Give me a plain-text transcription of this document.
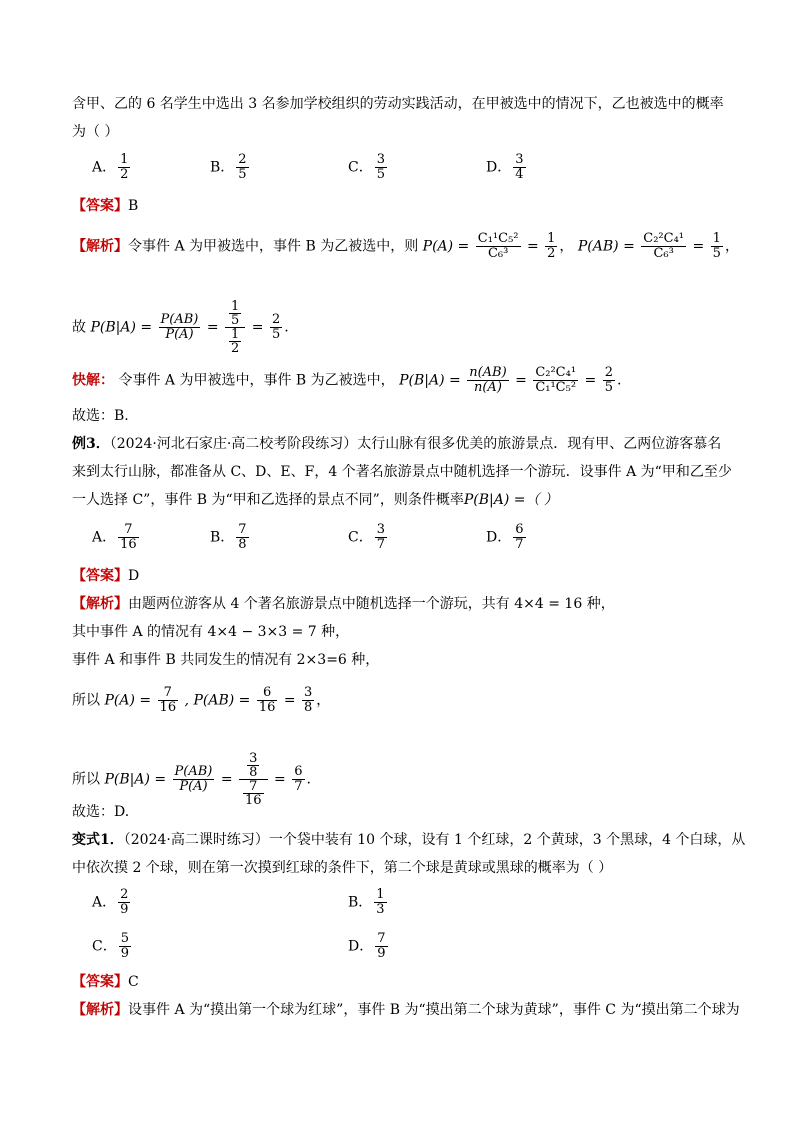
含甲、乙的 6 名学生中选出 3 名参加学校组织的劳动实践活动，在甲被选中的情况下，乙也被选中的概率
为（ ）
A． $\frac{1}{2}$	B． $\frac{2}{5}$	C． $\frac{3}{5}$	D． $\frac{3}{4}$
【答案】B
【解析】令事件 A 为甲被选中，事件 B 为乙被选中，则 $P(A) = \frac{\text{C₁¹C₅²}}{\text{C₆³}} = \frac{1}{2}$ ， $P(AB) = \frac{\text{C₂²C₄¹}}{\text{C₆³}} = \frac{1}{5}$ ，
故 $P(B|A) = \frac{P(AB)}{P(A)} = \frac{\frac{1}{5}}{\frac{1}{2}} = \frac{2}{5}$ .
快解： 令事件 A 为甲被选中，事件 B 为乙被选中， $P(B|A) = \frac{n(AB)}{n(A)} = \frac{\text{C₂²C₄¹}}{\text{C₁¹C₅²}} = \frac{2}{5}$ .
故选：B.
例3．（2024·河北石家庄·高二校考阶段练习）太行山脉有很多优美的旅游景点．现有甲、乙两位游客慕名
来到太行山脉，都准备从 C、D、E、F，4 个著名旅游景点中随机选择一个游玩．设事件 A 为“甲和乙至少
一人选择 C”，事件 B 为“甲和乙选择的景点不同”，则条件概率P(B|A) =（ ）
A． $\frac{7}{16}$	B． $\frac{7}{8}$	C． $\frac{3}{7}$	D． $\frac{6}{7}$
【答案】D
【解析】由题两位游客从 4 个著名旅游景点中随机选择一个游玩，共有 4×4 = 16 种，
其中事件 A 的情况有 4×4 − 3×3 = 7 种，
事件 A 和事件 B 共同发生的情况有 2×3=6 种，
所以 $P(A) = \frac{7}{16}$ , $P(AB) = \frac{6}{16} = \frac{3}{8}$ ，
所以 $P(B|A) = \frac{P(AB)}{P(A)} = \frac{\frac{3}{8}}{\frac{7}{16}} = \frac{6}{7}$ .
故选：D.
变式1．（2024·高二课时练习）一个袋中装有 10 个球，设有 1 个红球，2 个黄球，3 个黑球，4 个白球，从
中依次摸 2 个球，则在第一次摸到红球的条件下，第二个球是黄球或黑球的概率为（ ）
A． $\frac{2}{9}$	B． $\frac{1}{3}$
C． $\frac{5}{9}$	D． $\frac{7}{9}$
【答案】C
【解析】设事件 A 为“摸出第一个球为红球”，事件 B 为“摸出第二个球为黄球”，事件 C 为“摸出第二个球为
